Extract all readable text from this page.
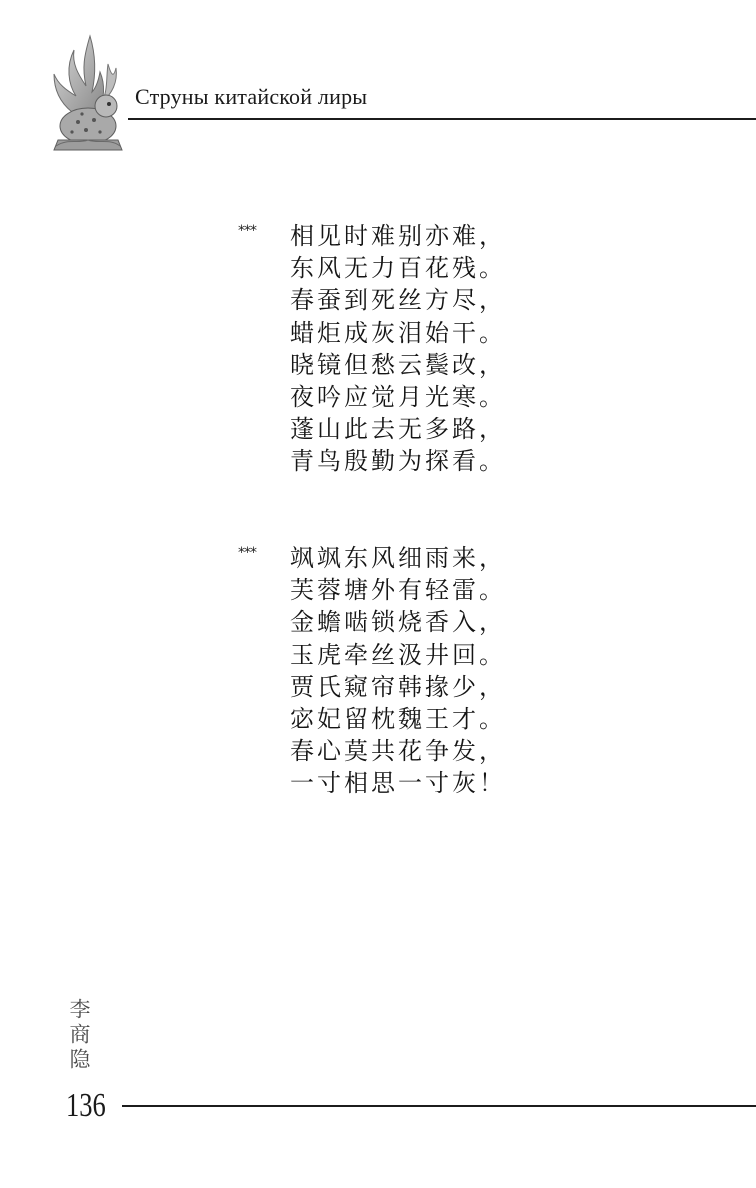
Струны китайской лиры
*** 相见时难别亦难，
东风无力百花残。
春蚕到死丝方尽，
蜡炬成灰泪始干。
晓镜但愁云鬓改，
夜吟应觉月光寒。
蓬山此去无多路，
青鸟殷勤为探看。
*** 飒飒东风细雨来，
芙蓉塘外有轻雷。
金蟾啮锁烧香入，
玉虎牵丝汲井回。
贾氏窥帘韩掾少，
宓妃留枕魏王才。
春心莫共花争发，
一寸相思一寸灰！
李商隐
136
